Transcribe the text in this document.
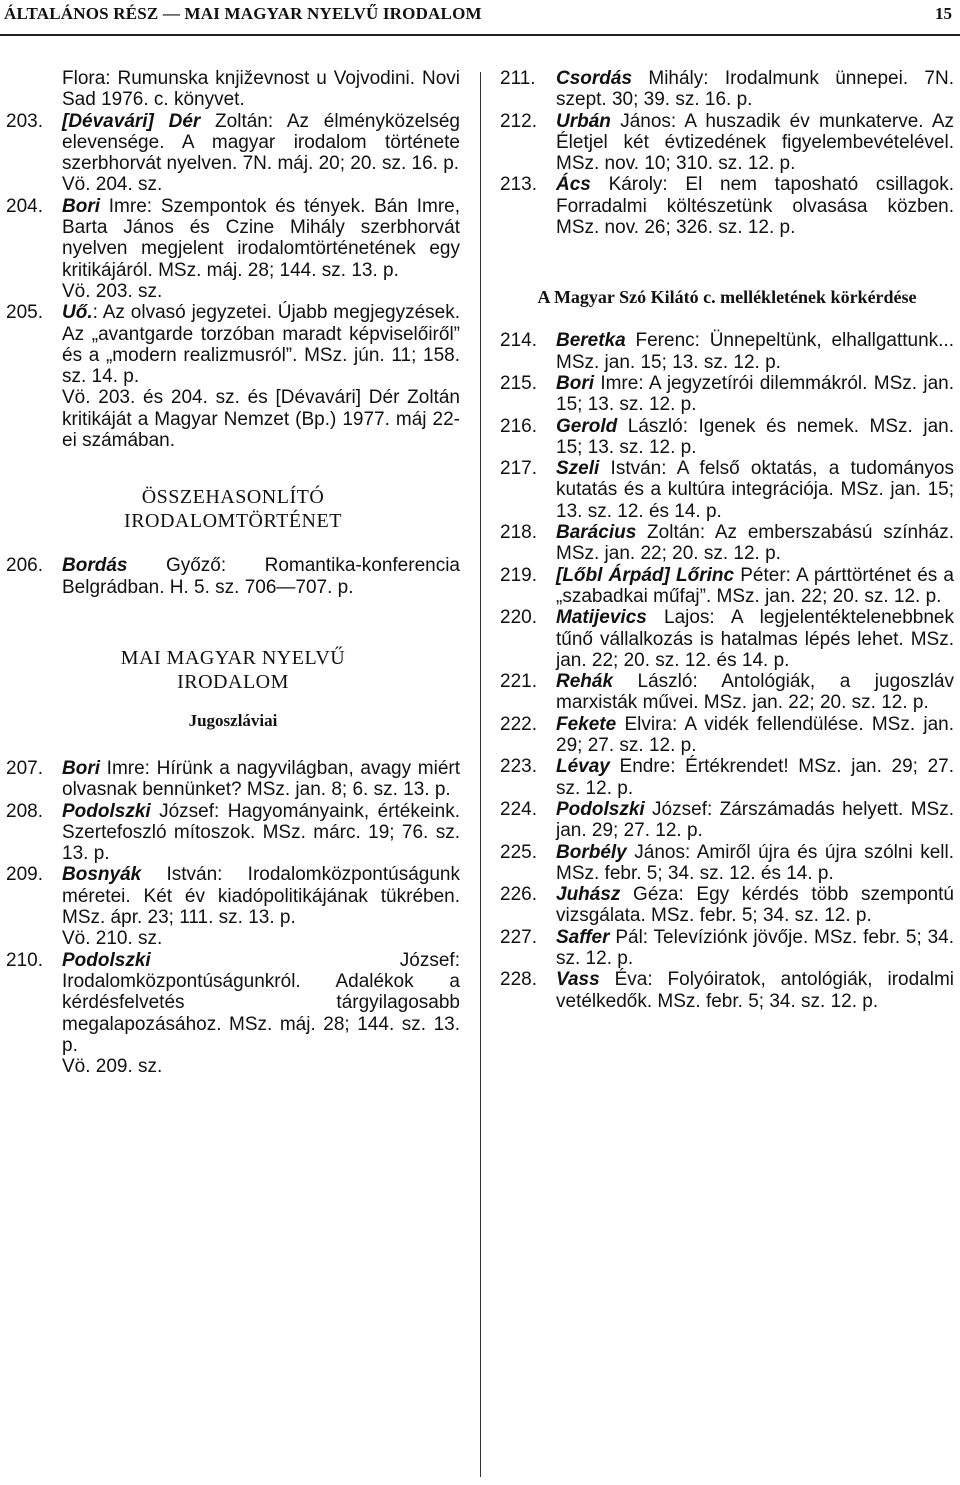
ÁLTALÁNOS RÉSZ — MAI MAGYAR NYELVŰ IRODALOM	15
Flora: Rumunska književnost u Vojvodini. Novi Sad 1976. c. könyvet.
203. [Dévavári] Dér Zoltán: Az élményközelség elevensége. A magyar irodalom története szerbhorvát nyelven. 7N. máj. 20; 20. sz. 16. p.
Vö. 204. sz.
204. Bori Imre: Szempontok és tények. Bán Imre, Barta János és Czine Mihály szerbhorvát nyelven megjelent irodalomtörténetének egy kritikájáról. MSz. máj. 28; 144. sz. 13. p.
Vö. 203. sz.
205. Uő.: Az olvasó jegyzetei. Újabb megjegyzések. Az „avantgarde torzóban maradt képviselőiről” és a „modern realizmusról”. MSz. jún. 11; 158. sz. 14. p.
Vö. 203. és 204. sz. és [Dévavári] Dér Zoltán kritikáját a Magyar Nemzet (Bp.) 1977. máj 22-ei számában.
ÖSSZEHASONLÍTÓ IRODALOMTÖRTÉNET
206. Bordás Győző: Romantika-konferencia Belgrádban. H. 5. sz. 706—707. p.
MAI MAGYAR NYELVŰ IRODALOM
Jugoszláviai
207. Bori Imre: Hírünk a nagyvilágban, avagy miért olvasnak bennünket? MSz. jan. 8; 6. sz. 13. p.
208. Podolszki József: Hagyományaink, értékeink. Szertefoszló mítoszok. MSz. márc. 19; 76. sz. 13. p.
209. Bosnyák István: Irodalomközpontúságunk méretei. Két év kiadópolitikájának tükrében. MSz. ápr. 23; 111. sz. 13. p.
Vö. 210. sz.
210. Podolszki József: Irodalomközpontúságunkról. Adalékok a kérdésfelvetés tárgyilagosabb megalapozásához. MSz. máj. 28; 144. sz. 13. p.
Vö. 209. sz.
211. Csordás Mihály: Irodalmunk ünnepei. 7N. szept. 30; 39. sz. 16. p.
212. Urbán János: A huszadik év munkaterve. Az Életjel két évtizedének figyelembevételével. MSz. nov. 10; 310. sz. 12. p.
213. Ács Károly: El nem taposható csillagok. Forradalmi költészetünk olvasása közben. MSz. nov. 26; 326. sz. 12. p.
A Magyar Szó Kilátó c. mellékletének körkérdése
214. Beretka Ferenc: Ünnepeltünk, elhallgattunk... MSz. jan. 15; 13. sz. 12. p.
215. Bori Imre: A jegyzetírói dilemmákról. MSz. jan. 15; 13. sz. 12. p.
216. Gerold László: Igenek és nemek. MSz. jan. 15; 13. sz. 12. p.
217. Szeli István: A felső oktatás, a tudományos kutatás és a kultúra integrációja. MSz. jan. 15; 13. sz. 12. és 14. p.
218. Barácius Zoltán: Az emberszabású színház. MSz. jan. 22; 20. sz. 12. p.
219. [Lőbl Árpád] Lőrinc Péter: A párttörténet és a „szabadkai műfaj”. MSz. jan. 22; 20. sz. 12. p.
220. Matijevics Lajos: A legjelentéktelenebbnek tűnő vállalkozás is hatalmas lépés lehet. MSz. jan. 22; 20. sz. 12. és 14. p.
221. Rehák László: Antológiák, a jugoszláv marxisták művei. MSz. jan. 22; 20. sz. 12. p.
222. Fekete Elvira: A vidék fellendülése. MSz. jan. 29; 27. sz. 12. p.
223. Lévay Endre: Értékrendet! MSz. jan. 29; 27. sz. 12. p.
224. Podolszki József: Zárszámadás helyett. MSz. jan. 29; 27. 12. p.
225. Borbély János: Amiről újra és újra szólni kell. MSz. febr. 5; 34. sz. 12. és 14. p.
226. Juhász Géza: Egy kérdés több szempontú vizsgálata. MSz. febr. 5; 34. sz. 12. p.
227. Saffer Pál: Televíziónk jövője. MSz. febr. 5; 34. sz. 12. p.
228. Vass Éva: Folyóiratok, antológiák, irodalmi vetélkedők. MSz. febr. 5; 34. sz. 12. p.
